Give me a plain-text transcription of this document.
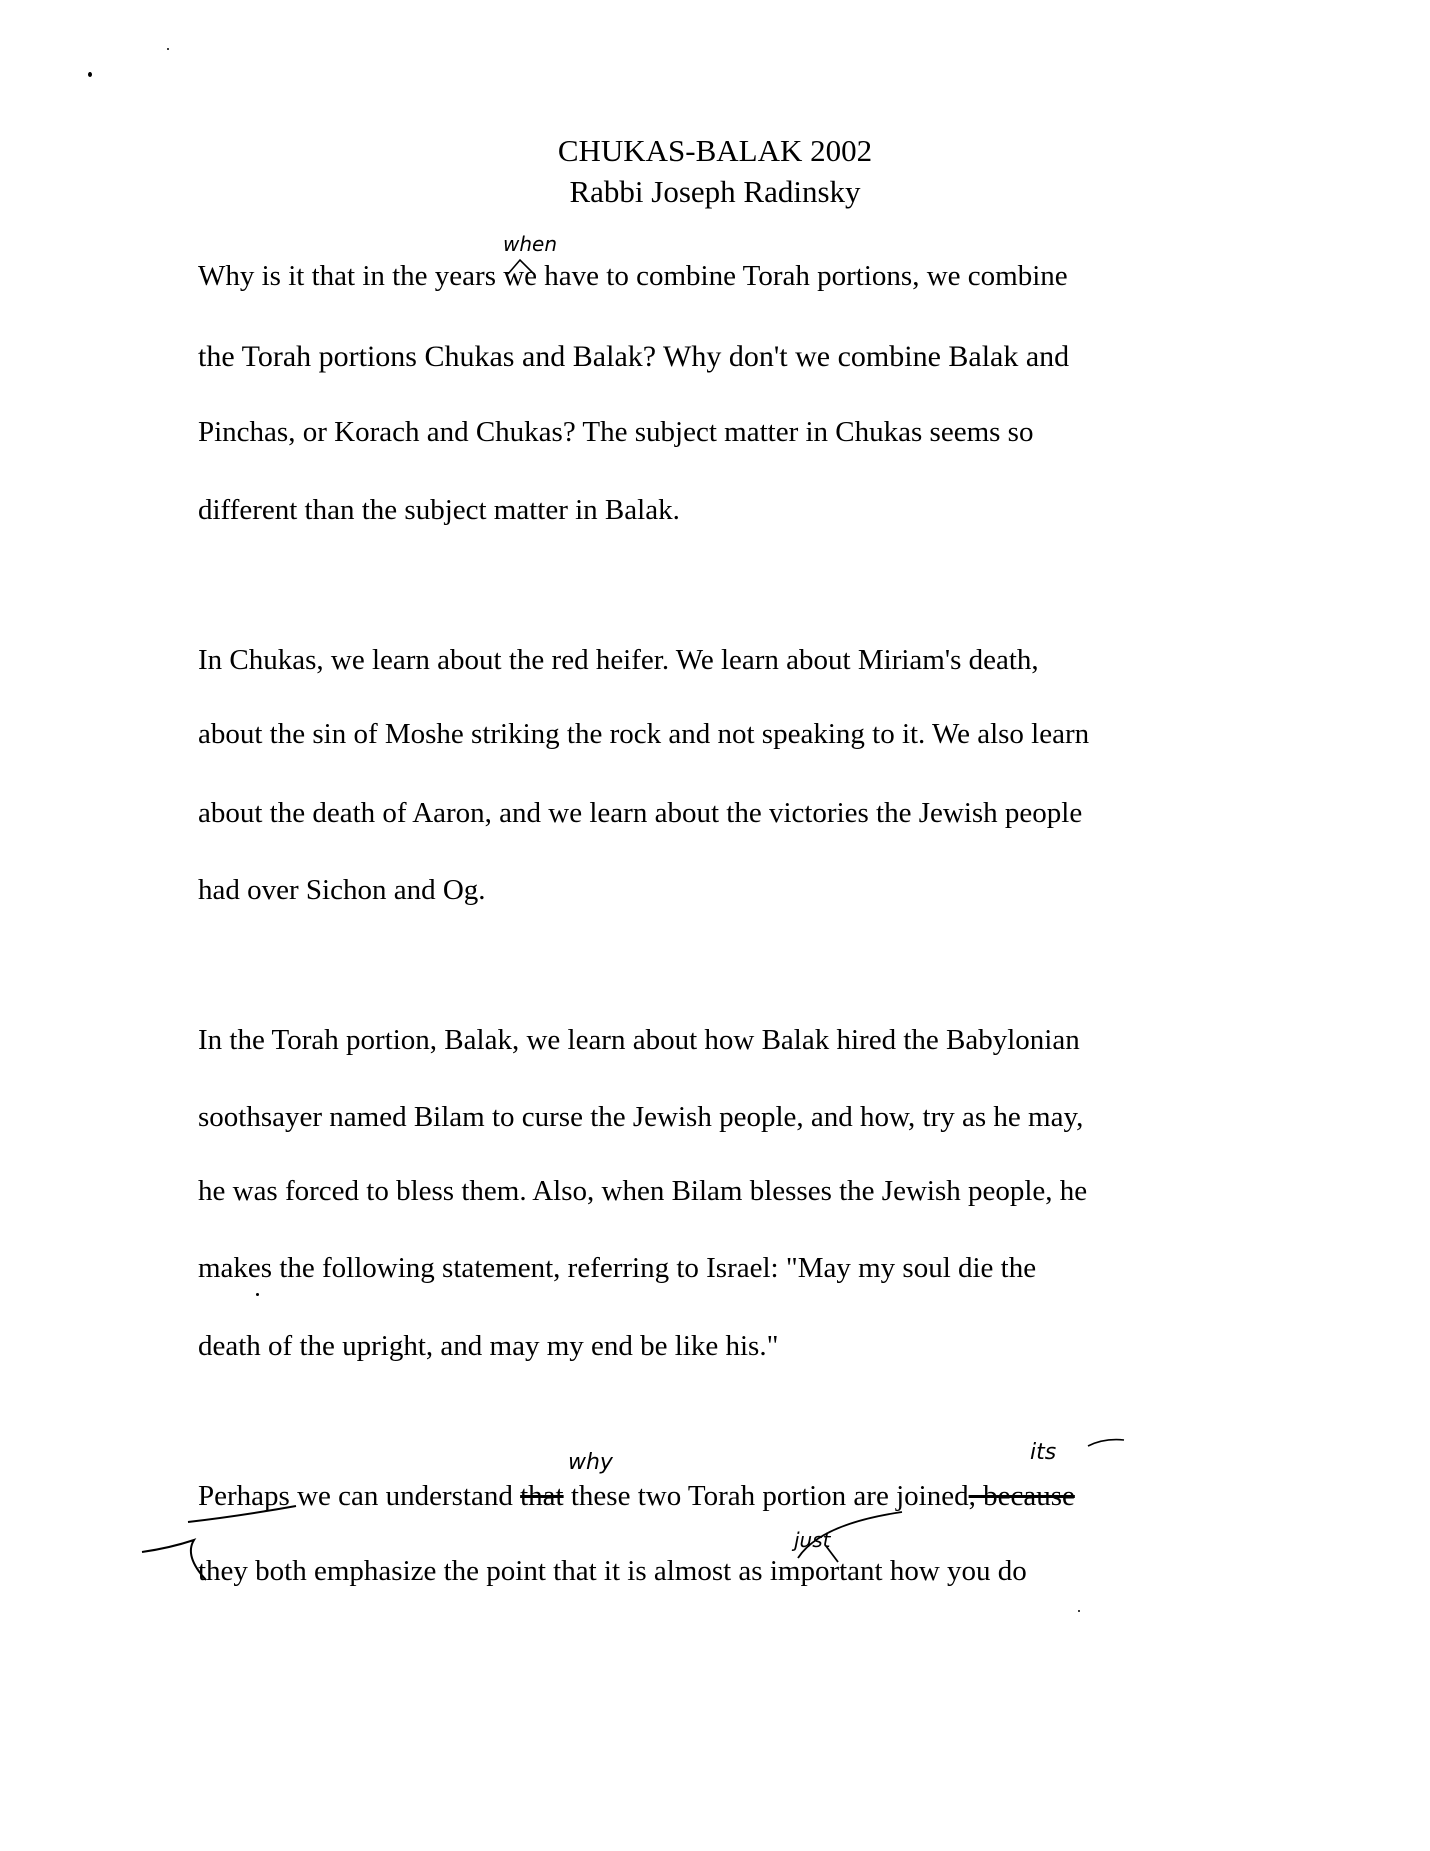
CHUKAS-BALAK 2002
Rabbi Joseph Radinsky
Why is it that in the years we have to combine Torah portions, we combine
when
the Torah portions Chukas and Balak? Why don't we combine Balak and
Pinchas, or Korach and Chukas? The subject matter in Chukas seems so
different than the subject matter in Balak.
In Chukas, we learn about the red heifer. We learn about Miriam's death,
about the sin of Moshe striking the rock and not speaking to it. We also learn
about the death of Aaron, and we learn about the victories the Jewish people
had over Sichon and Og.
In the Torah portion, Balak, we learn about how Balak hired the Babylonian
soothsayer named Bilam to curse the Jewish people, and how, try as he may,
he was forced to bless them. Also, when Bilam blesses the Jewish people, he
makes the following statement, referring to Israel: "May my soul die the
death of the upright, and may my end be like his."
Perhaps we can understand that these two Torah portion are joined, because
why	its
they both emphasize the point that it is almost as important how you do
just
